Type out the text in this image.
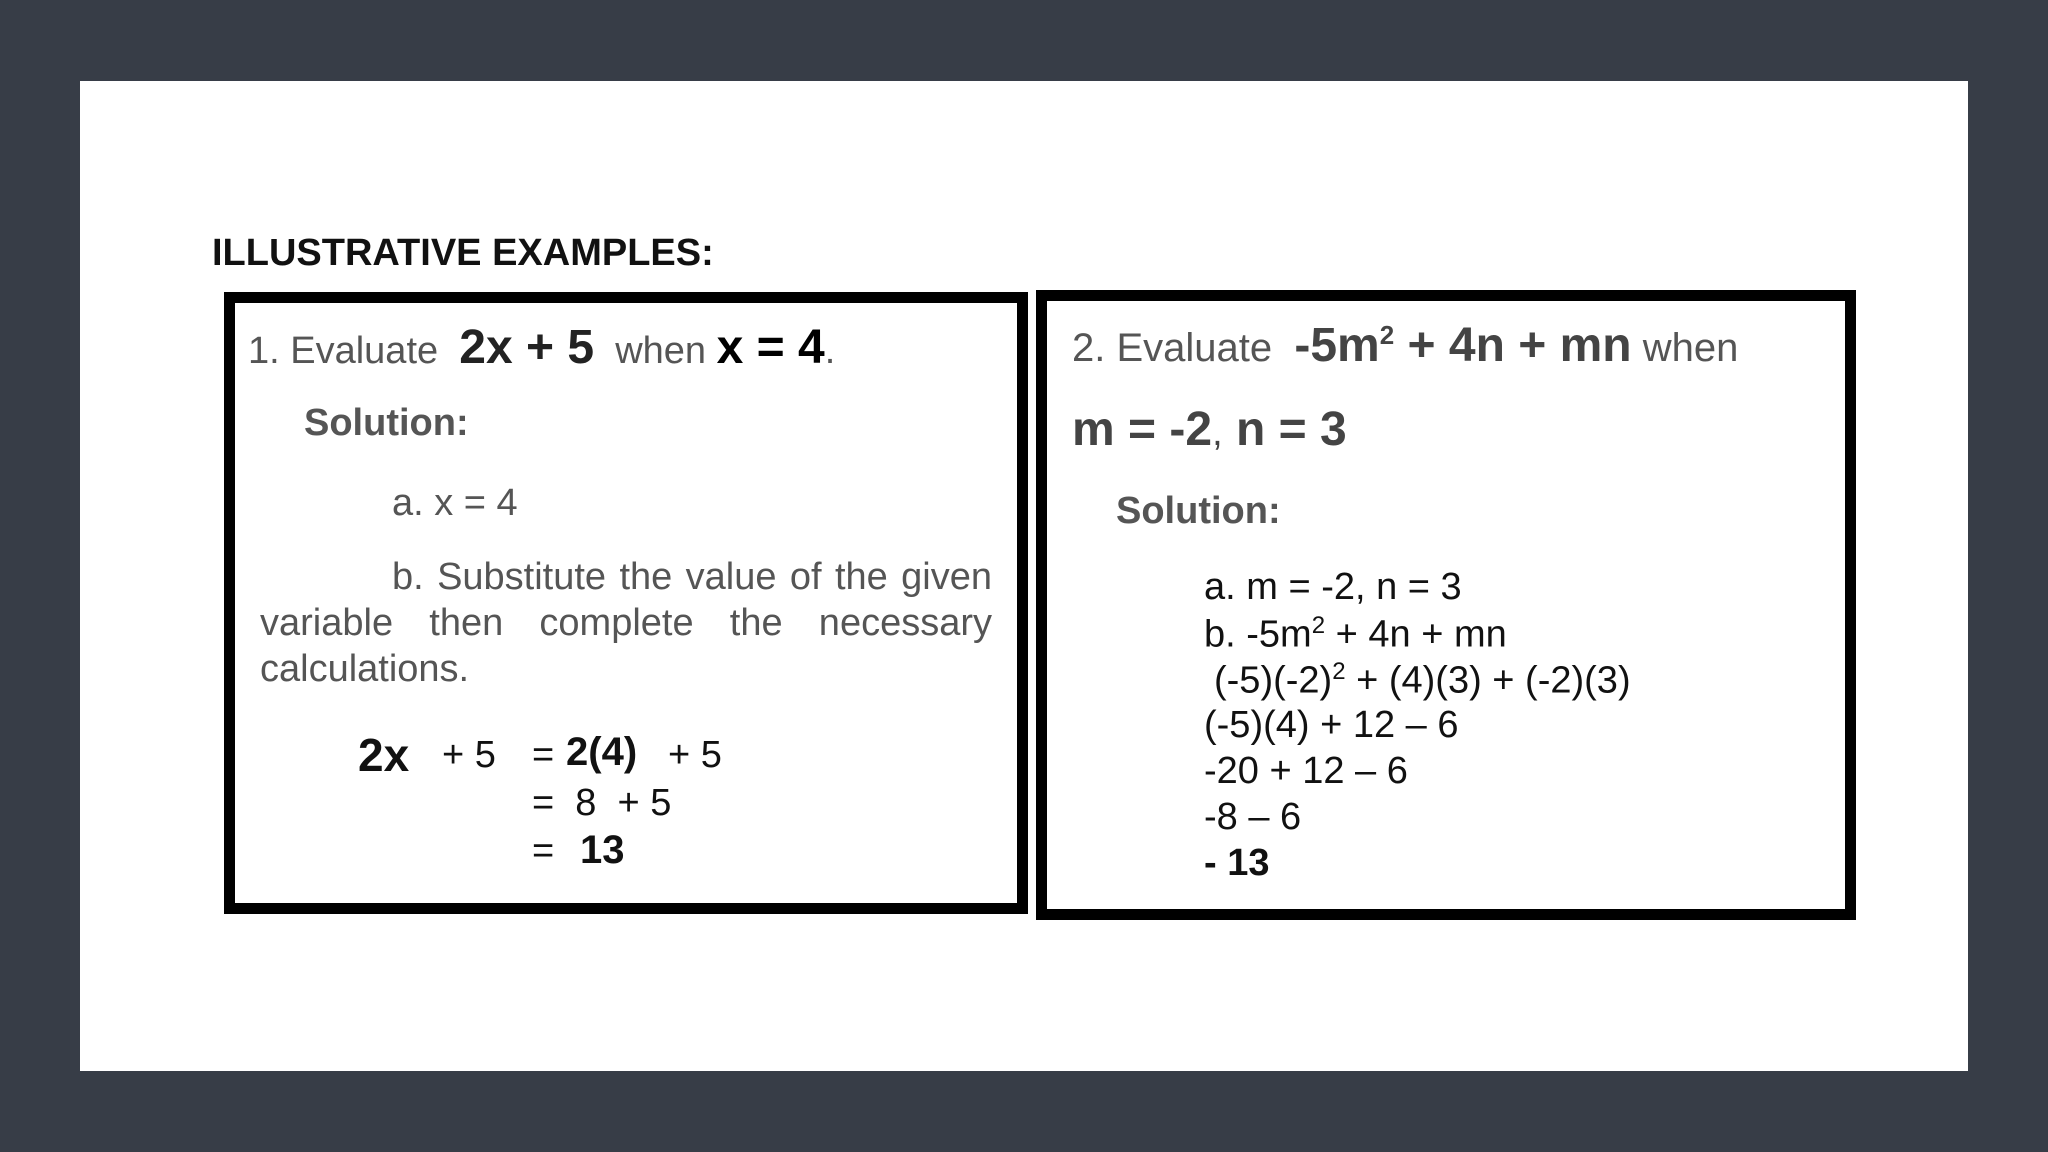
ILLUSTRATIVE EXAMPLES:
1. Evaluate 2x + 5 when x = 4.
Solution:
a. x = 4
b. Substitute the value of the given variable then complete the necessary calculations.
2x + 5 = 2(4) + 5
=  8  + 5
= 13
2. Evaluate $-5m^2 + 4n$ + mn when
m = -2, n = 3
Solution:
a. m = -2, n = 3
b. $-5m^2 + 4n$ + mn
$(-5)(-2)^2 + (4)(3) + (-2)(3)$
(-5)(4) + 12 – 6
-20 + 12 – 6
-8 – 6
- 13
